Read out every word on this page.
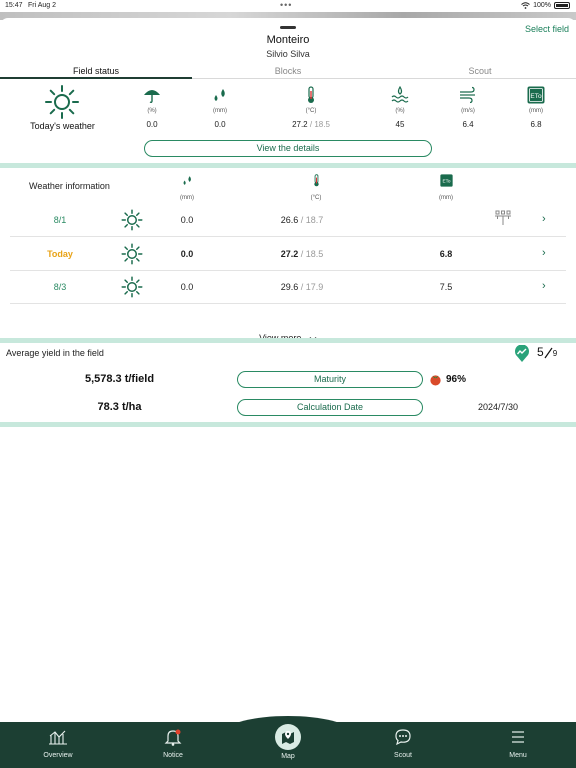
15:47 Fri Aug 2	•••	100%
Monteiro
Silvio Silva
Select field
Field status	Blocks	Scout
Today's weather
(%)
0.0
(mm)
0.0
(°C)
27.2 / 18.5
(%)
45
(m/s)
6.4
ETo
(mm)
6.8
View the details
Weather information
(mm)	(°C)
ETo
(mm)
8/1	0.0	26.6 / 18.7	›
Today	0.0	27.2 / 18.5	6.8	›
8/3	0.0	29.6 / 17.9	7.5	›
Average yield in the field	5 9
5,578.3 t/field	Maturity	96%
78.3 t/ha	Calculation Date	2024/7/30
Overview	Notice	Map	Scout	Menu
